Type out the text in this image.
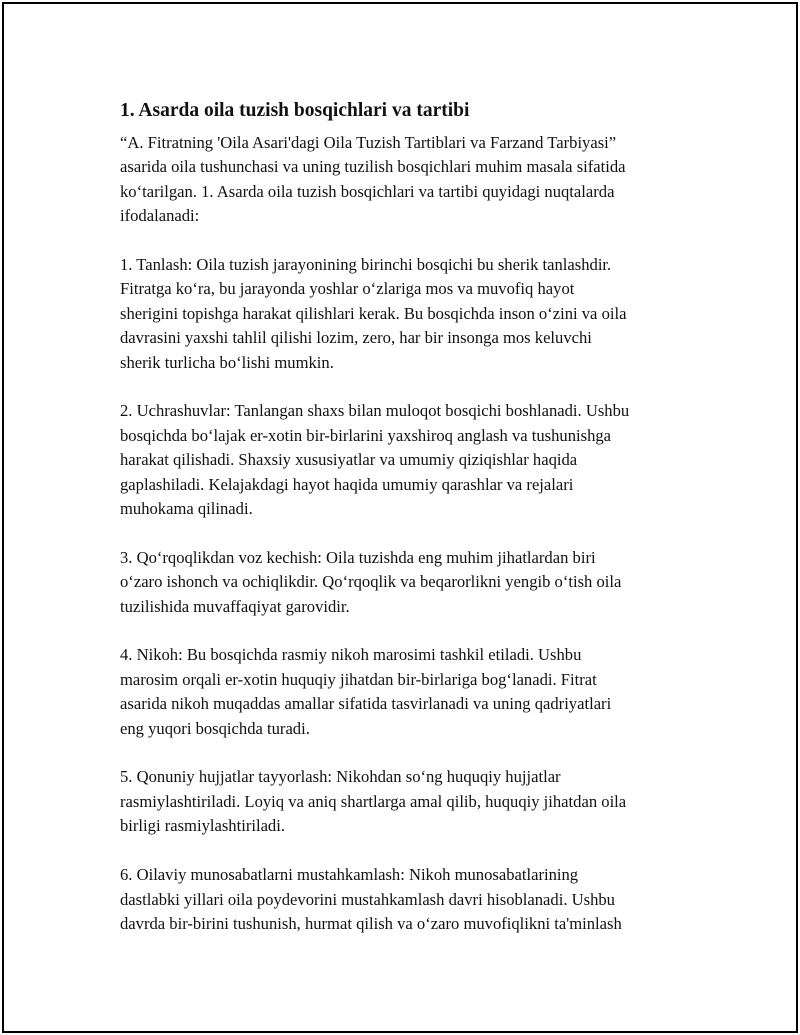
1. Asarda oila tuzish bosqichlari va tartibi

“A. Fitratning 'Oila Asari'dagi Oila Tuzish Tartiblari va Farzand Tarbiyasi”
asarida oila tushunchasi va uning tuzilish bosqichlari muhim masala sifatida
ko‘tarilgan. 1. Asarda oila tuzish bosqichlari va tartibi quyidagi nuqtalarda
ifodalanadi:

1. Tanlash: Oila tuzish jarayonining birinchi bosqichi bu sherik tanlashdir.
Fitratga ko‘ra, bu jarayonda yoshlar o‘zlariga mos va muvofiq hayot
sherigini topishga harakat qilishlari kerak. Bu bosqichda inson o‘zini va oila
davrasini yaxshi tahlil qilishi lozim, zero, har bir insonga mos keluvchi
sherik turlicha bo‘lishi mumkin.

2. Uchrashuvlar: Tanlangan shaxs bilan muloqot bosqichi boshlanadi. Ushbu
bosqichda bo‘lajak er-xotin bir-birlarini yaxshiroq anglash va tushunishga
harakat qilishadi. Shaxsiy xususiyatlar va umumiy qiziqishlar haqida
gaplashiladi. Kelajakdagi hayot haqida umumiy qarashlar va rejalari
muhokama qilinadi.

3. Qo‘rqoqlikdan voz kechish: Oila tuzishda eng muhim jihatlardan biri
o‘zaro ishonch va ochiqlikdir. Qo‘rqoqlik va beqarorlikni yengib o‘tish oila
tuzilishida muvaffaqiyat garovidir.

4. Nikoh: Bu bosqichda rasmiy nikoh marosimi tashkil etiladi. Ushbu
marosim orqali er-xotin huquqiy jihatdan bir-birlariga bog‘lanadi. Fitrat
asarida nikoh muqaddas amallar sifatida tasvirlanadi va uning qadriyatlari
eng yuqori bosqichda turadi.

5. Qonuniy hujjatlar tayyorlash: Nikohdan so‘ng huquqiy hujjatlar
rasmiylashtiriladi. Loyiq va aniq shartlarga amal qilib, huquqiy jihatdan oila
birligi rasmiylashtiriladi.

6. Oilaviy munosabatlarni mustahkamlash: Nikoh munosabatlarining
dastlabki yillari oila poydevorini mustahkamlash davri hisoblanadi. Ushbu
davrda bir-birini tushunish, hurmat qilish va o‘zaro muvofiqlikni ta'minlash
